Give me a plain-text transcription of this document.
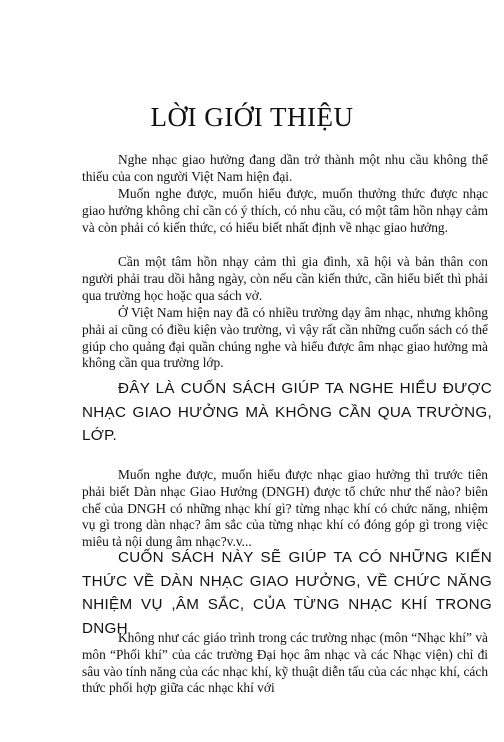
LỜI GIỚI THIỆU

Nghe nhạc giao hưởng đang dần trở thành một nhu cầu không thể thiếu của con người Việt Nam hiện đại.

Muốn nghe được, muốn hiểu được, muốn thưởng thức được nhạc giao hưởng không chỉ cần có ý thích, có nhu cầu, có một tâm hồn nhạy cảm và còn phải có kiến thức, có hiểu biết nhất định về nhạc giao hưởng.

Cần một tâm hồn nhạy cảm thì gia đình, xã hội và bản thân con người phải trau dồi hằng ngày, còn nếu cần kiến thức, cần hiểu biết thì phải qua trường học hoặc qua sách vở.

Ở Việt Nam hiện nay đã có nhiều trường dạy âm nhạc, nhưng không phải ai cũng có điều kiện vào trường, vì vậy rất cần những cuốn sách có thể giúp cho quảng đại quần chúng nghe và hiểu được âm nhạc giao hưởng mà không cần qua trường lớp.

ĐÂY LÀ CUỐN SÁCH GIÚP TA NGHE HIỂU ĐƯỢC NHẠC GIAO HƯỞNG MÀ KHÔNG CẦN QUA TRƯỜNG, LỚP.

Muốn nghe được, muốn hiểu được nhạc giao hưởng thì trước tiên phải biết Dàn nhạc Giao Hưởng (DNGH) được tổ chức như thế nào? biên chế của DNGH có những nhạc khí gì? từng nhạc khí có chức năng, nhiệm vụ gì trong dàn nhạc? âm sắc của từng nhạc khí có đóng góp gì trong việc miêu tả nội dung âm nhạc?v.v...

CUỐN SÁCH NÀY SẼ GIÚP TA CÓ NHỮNG KIẾN THỨC VỀ DÀN NHẠC GIAO HƯỞNG, VỀ CHỨC NĂNG NHIỆM VỤ ,ÂM SẮC, CỦA TỪNG NHẠC KHÍ TRONG DNGH

Không như các giáo trình trong các trường nhạc (môn “Nhạc khí” và môn “Phối khí” của các trường Đại học âm nhạc và các Nhạc viện) chỉ đi sâu vào tính năng của các nhạc khí, kỹ thuật diễn tấu của các nhạc khí, cách thức phối hợp giữa các nhạc khí với
